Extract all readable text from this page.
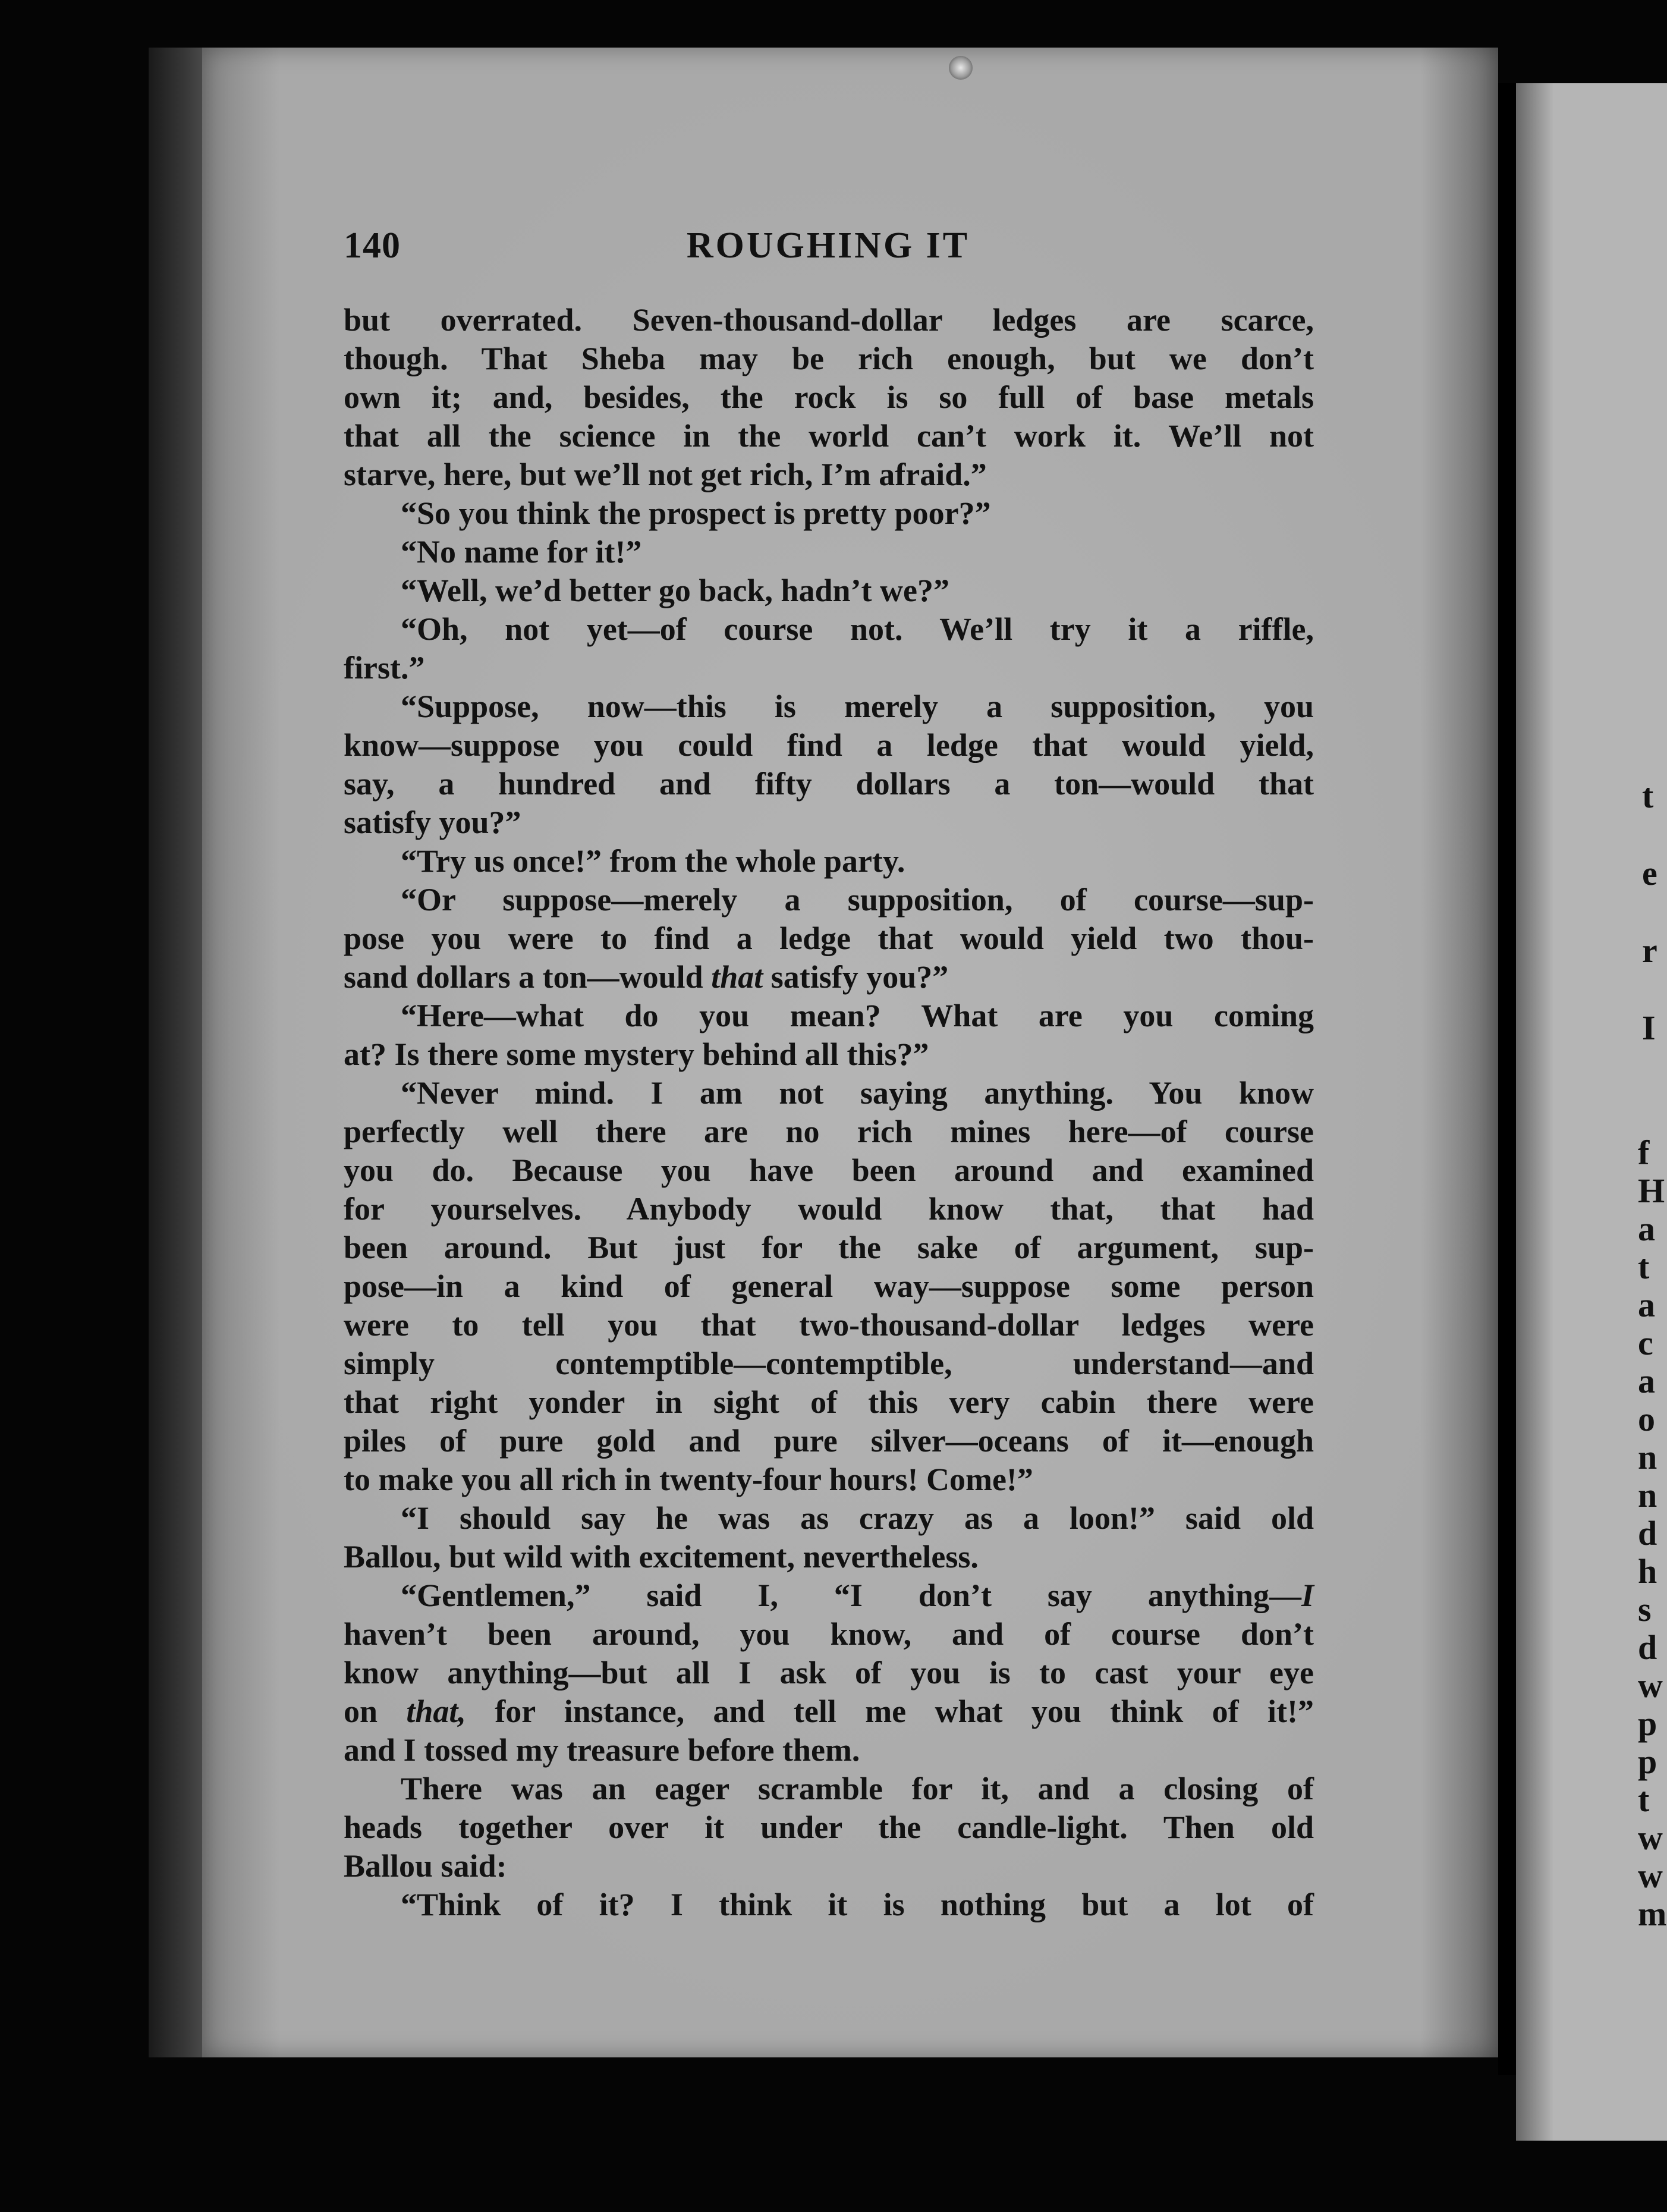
t
e
r
I
f
H
a
t
a
c
a
o
n
n
d
h
s
d
w
p
p
t
w
w
m
140	ROUGHING IT
but overrated. Seven-thousand-dollar ledges are scarce,
though. That Sheba may be rich enough, but we don’t
own it; and, besides, the rock is so full of base metals
that all the science in the world can’t work it. We’ll not
starve, here, but we’ll not get rich, I’m afraid.”
“So you think the prospect is pretty poor?”
“No name for it!”
“Well, we’d better go back, hadn’t we?”
“Oh, not yet—of course not. We’ll try it a riffle,
first.”
“Suppose, now—this is merely a supposition, you
know—suppose you could find a ledge that would yield,
say, a hundred and fifty dollars a ton—would that
satisfy you?”
“Try us once!” from the whole party.
“Or suppose—merely a supposition, of course—sup-
pose you were to find a ledge that would yield two thou-
sand dollars a ton—would that satisfy you?”
“Here—what do you mean? What are you coming
at? Is there some mystery behind all this?”
“Never mind. I am not saying anything. You know
perfectly well there are no rich mines here—of course
you do. Because you have been around and examined
for yourselves. Anybody would know that, that had
been around. But just for the sake of argument, sup-
pose—in a kind of general way—suppose some person
were to tell you that two-thousand-dollar ledges were
simply contemptible—contemptible, understand—and
that right yonder in sight of this very cabin there were
piles of pure gold and pure silver—oceans of it—enough
to make you all rich in twenty-four hours! Come!”
“I should say he was as crazy as a loon!” said old
Ballou, but wild with excitement, nevertheless.
“Gentlemen,” said I, “I don’t say anything—I
haven’t been around, you know, and of course don’t
know anything—but all I ask of you is to cast your eye
on that, for instance, and tell me what you think of it!”
and I tossed my treasure before them.
There was an eager scramble for it, and a closing of
heads together over it under the candle-light. Then old
Ballou said:
“Think of it? I think it is nothing but a lot of
